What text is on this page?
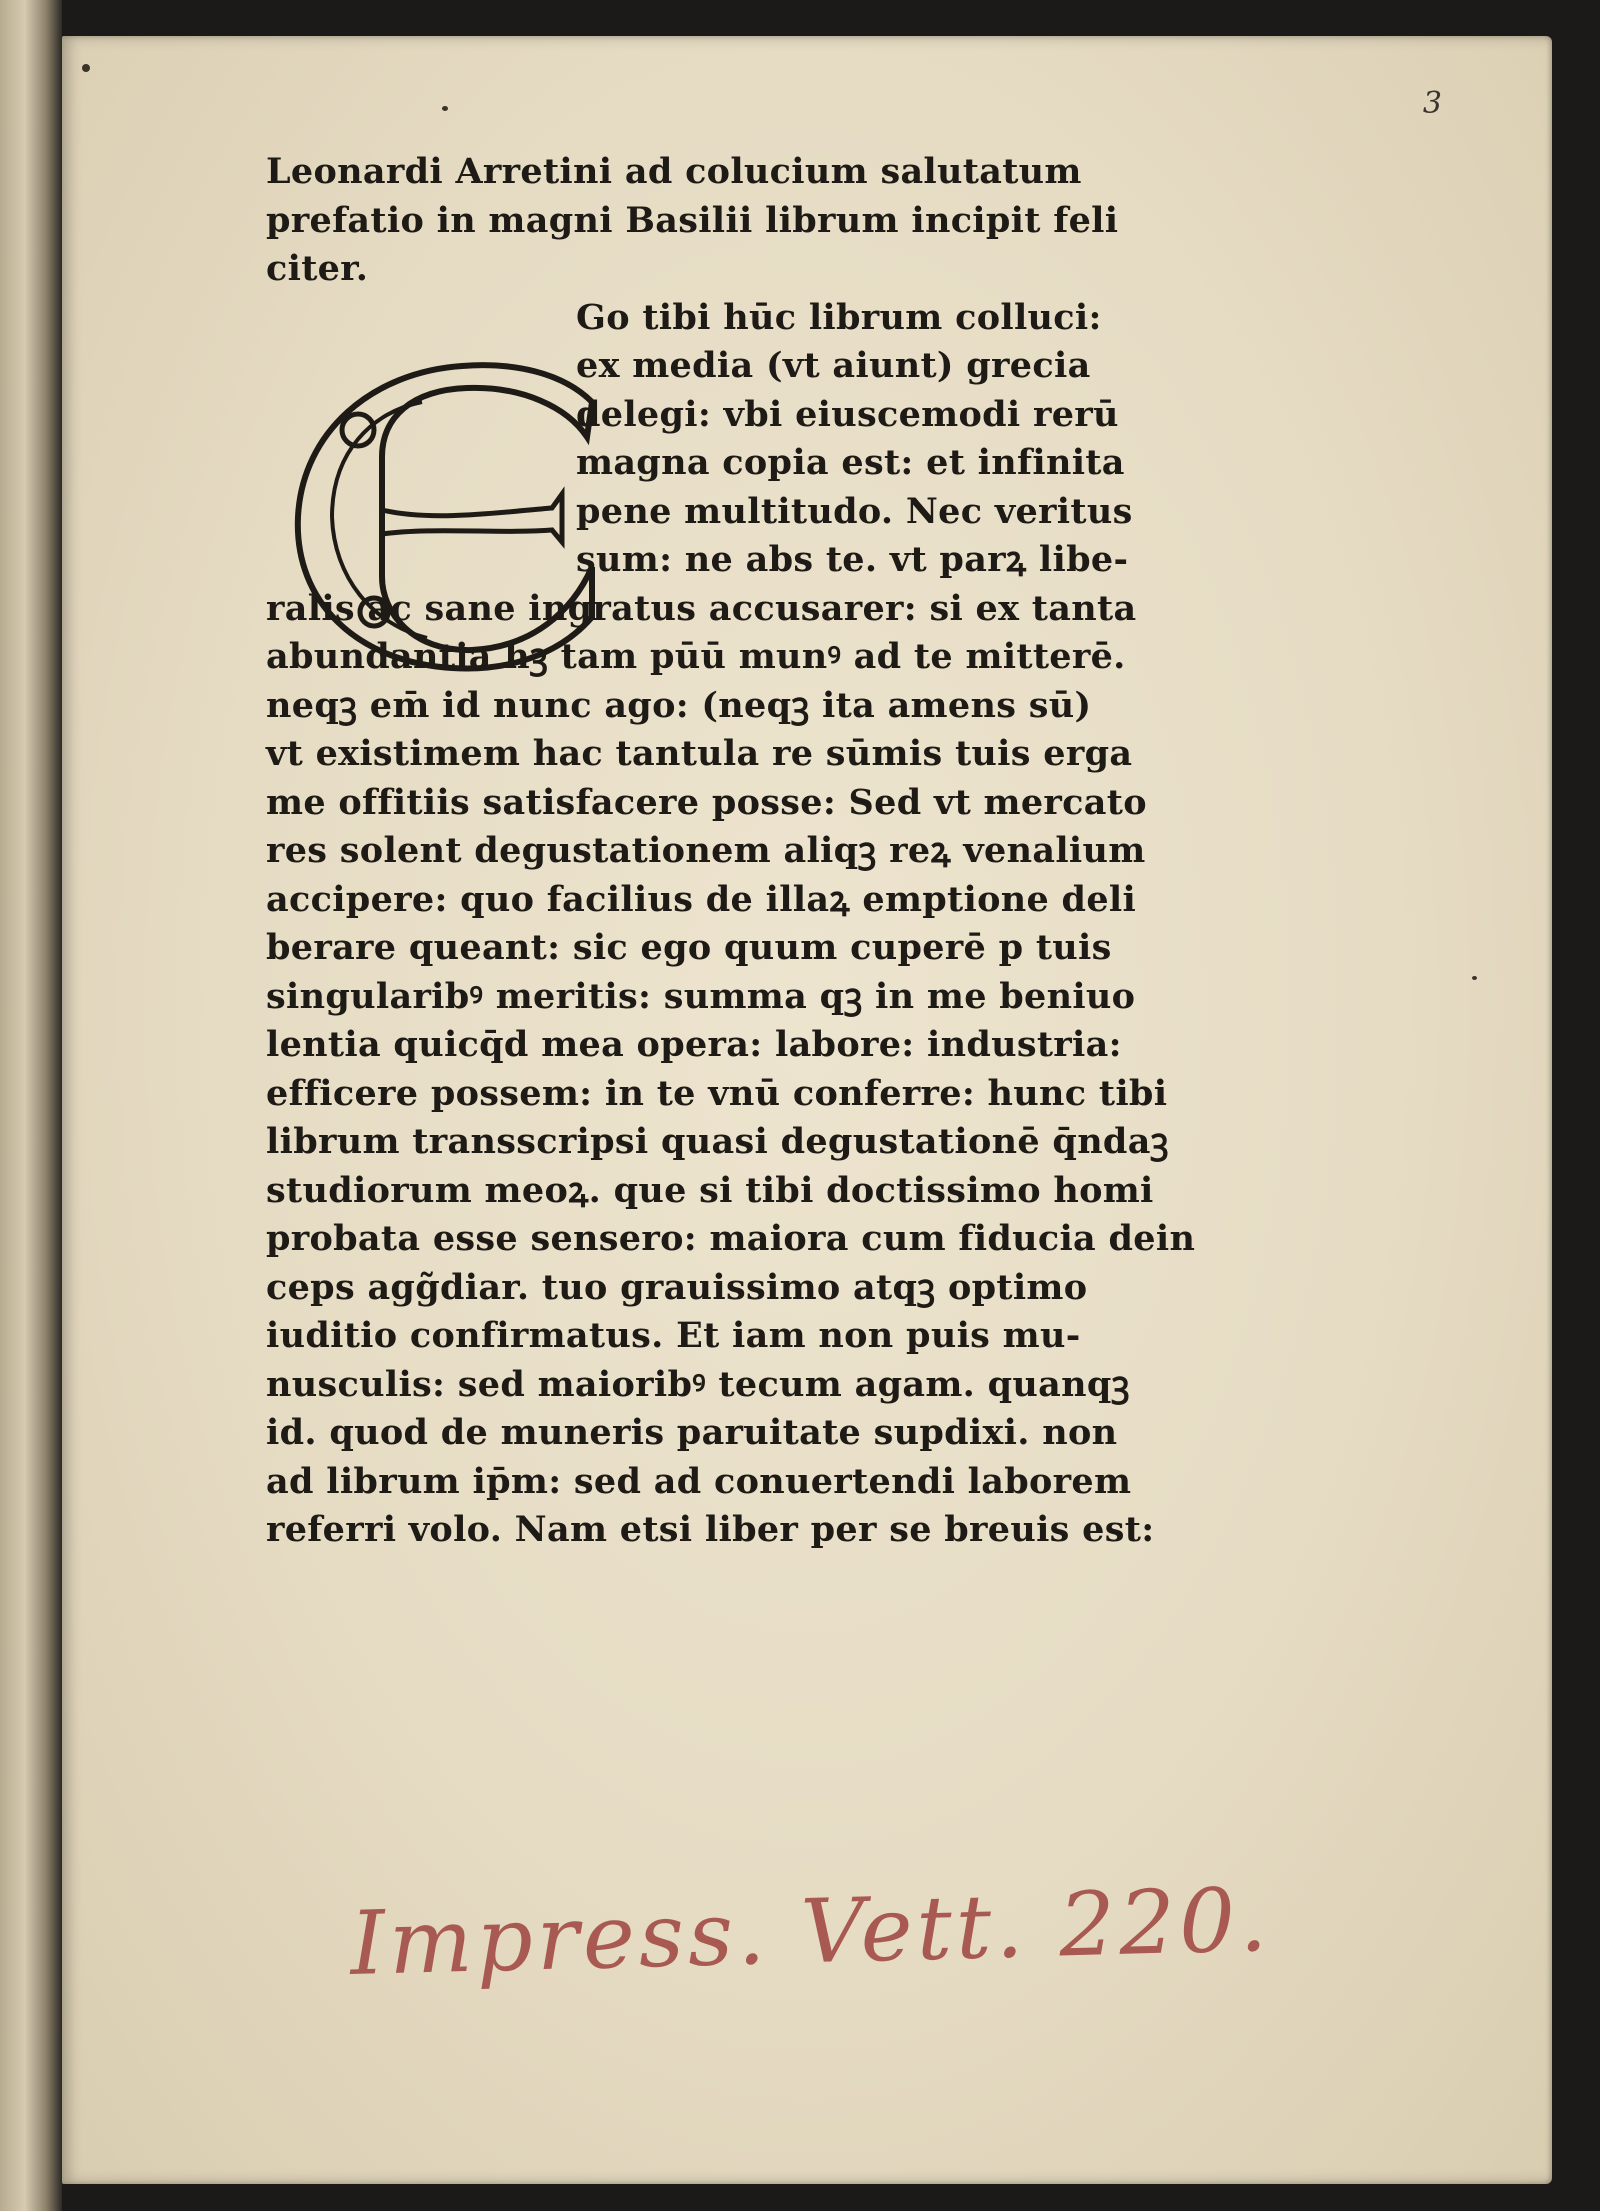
3
Leonardi Arretini ad colucium salutatum
prefatio in magni Basilii librum incipit feli
citer.
Go tibi hūc librum colluci:
ex media (vt aiunt) grecia
delegi: vbi eiuscemodi rerū
magna copia est: et infinita
pene multitudo. Nec veritus
sum: ne abs te. vt parꝝ libe-
ralis ac sane ingratus accusarer: si ex tanta
abundantia hꝫ tam pūū munꝰ ad te mitterē.
neqꝫ em̄ id nunc ago: (neqꝫ ita amens sū)
vt existimem hac tantula re sūmis tuis erga
me offitiis satisfacere posse: Sed vt mercato
res solent degustationem aliqꝫ reꝝ venalium
accipere: quo facilius de illaꝝ emptione deli
berare queant: sic ego quum cuperē p tuis
singularibꝰ meritis: summa qꝫ in me beniuo
lentia quicq̄d mea opera: labore: industria:
efficere possem: in te vnū conferre: hunc tibi
librum transscripsi quasi degustationē q̄ndaꝫ
studiorum meoꝝ. que si tibi doctissimo homi
probata esse sensero: maiora cum fiducia dein
ceps agg̃diar. tuo grauissimo atqꝫ optimo
iuditio confirmatus. Et iam non puis mu-
nusculis: sed maioribꝰ tecum agam. quanqꝫ
id. quod de muneris paruitate supdixi. non
ad librum ip̄m: sed ad conuertendi laborem
referri volo. Nam etsi liber per se breuis est:
Impress. Vett. 220.
